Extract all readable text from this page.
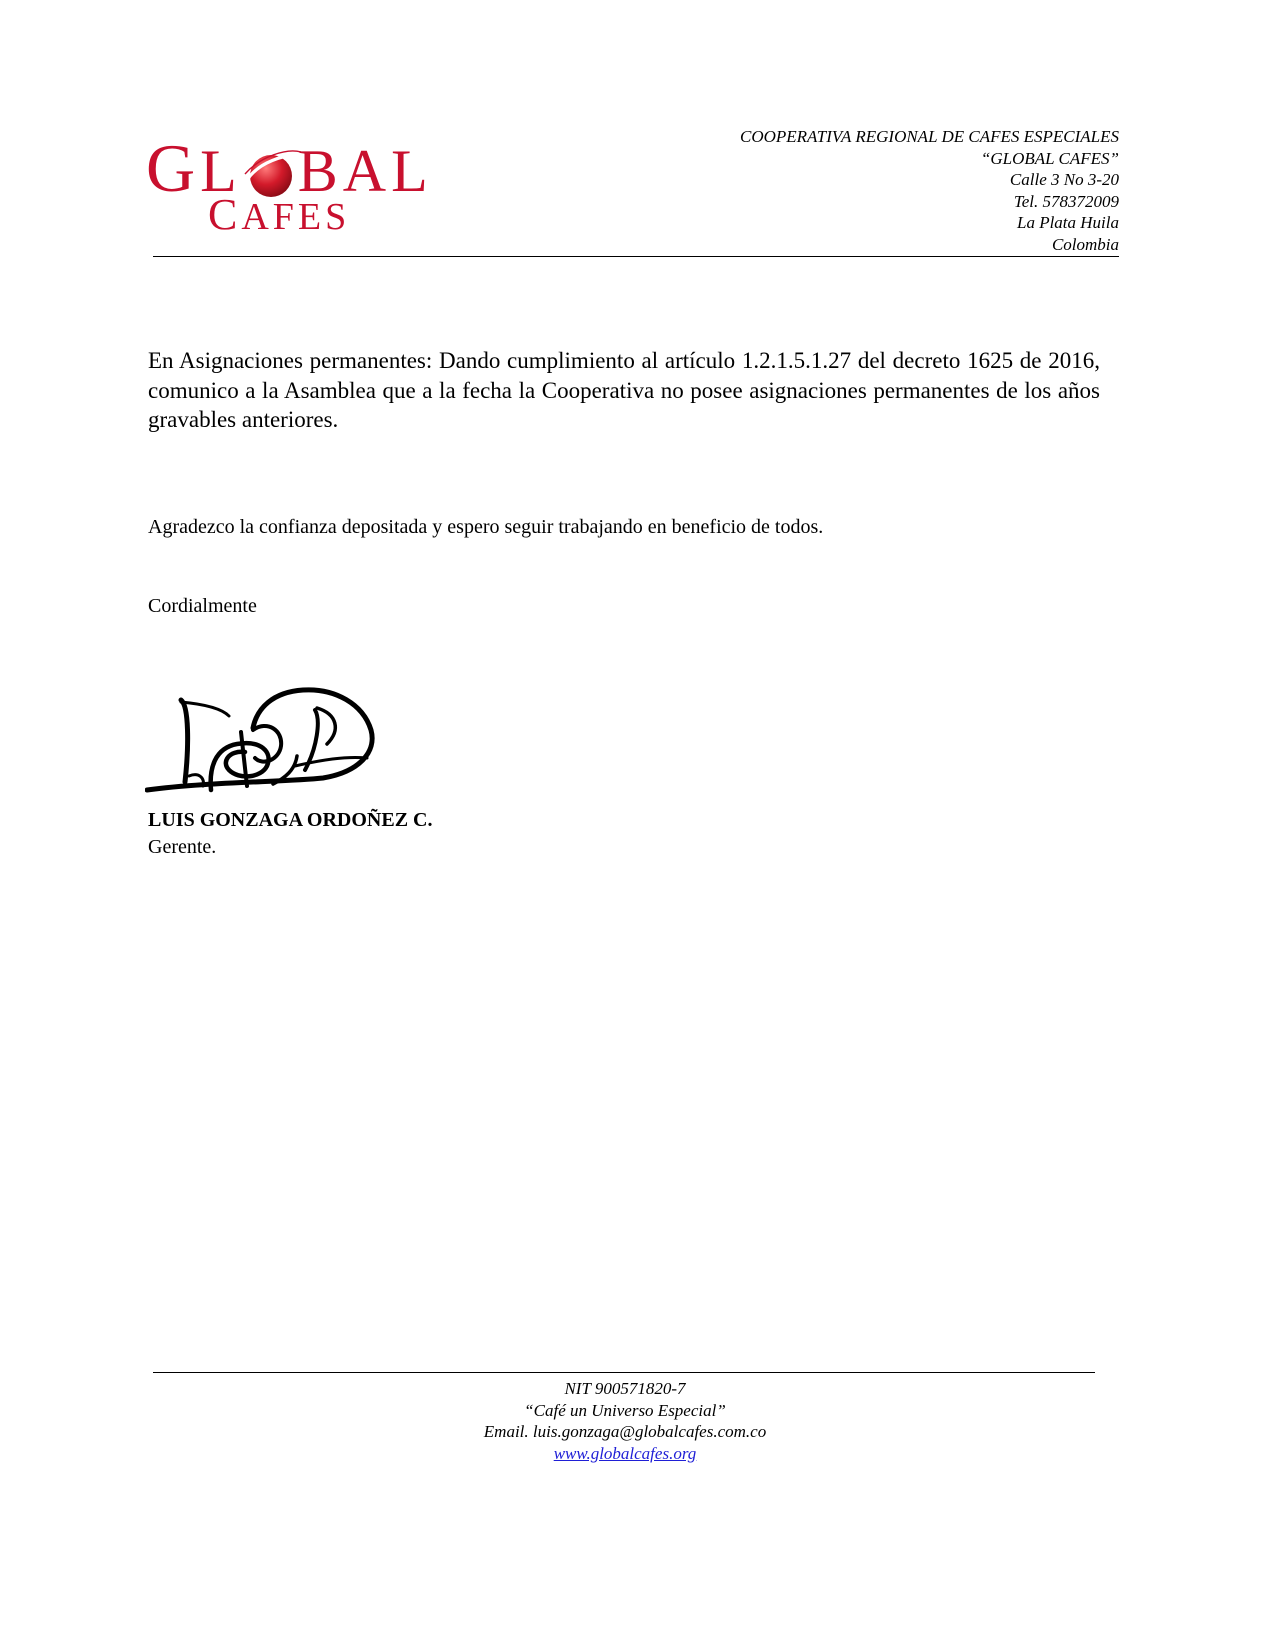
GL BAL
CAFES
COOPERATIVA REGIONAL DE CAFES ESPECIALES
“GLOBAL CAFES”
Calle 3 No 3-20
Tel. 578372009
La Plata Huila
Colombia

En Asignaciones permanentes: Dando cumplimiento al artículo 1.2.1.5.1.27 del decreto 1625 de 2016, comunico a la Asamblea que a la fecha la Cooperativa no posee asignaciones permanentes de los años gravables anteriores.

Agradezco la confianza depositada y espero seguir trabajando en beneficio de todos.

Cordialmente

LUIS GONZAGA ORDOÑEZ C.
Gerente.
NIT 900571820-7
“Café un Universo Especial”
Email. luis.gonzaga@globalcafes.com.co
www.globalcafes.org
